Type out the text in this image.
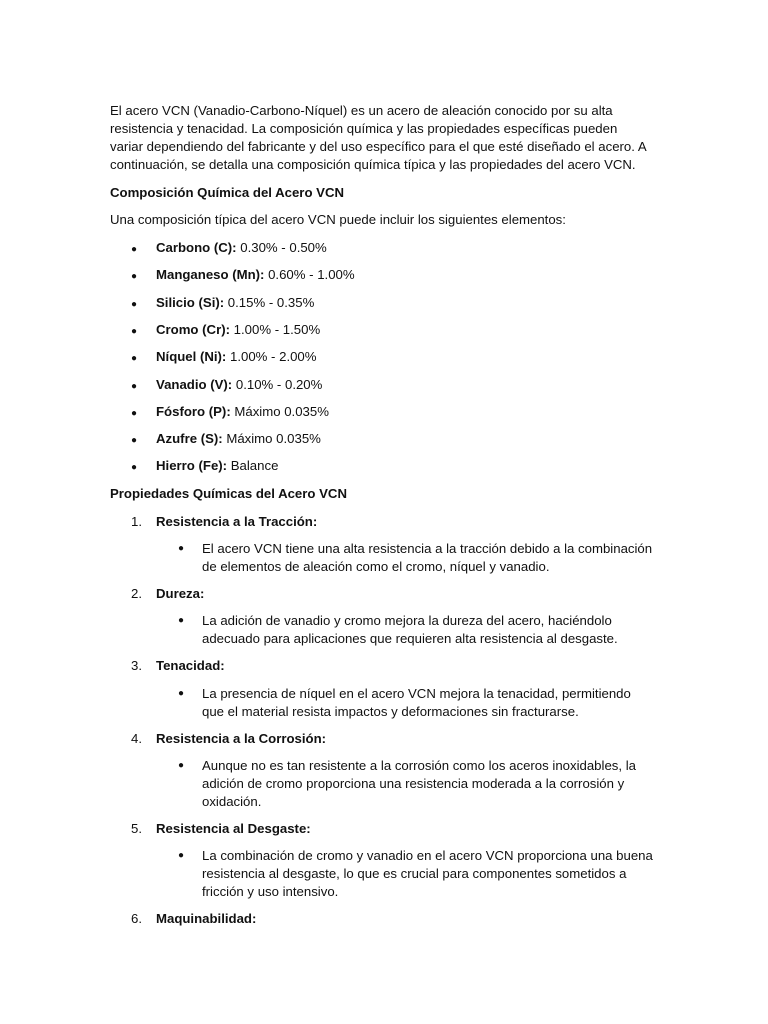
El acero VCN (Vanadio-Carbono-Níquel) es un acero de aleación conocido por su alta resistencia y tenacidad. La composición química y las propiedades específicas pueden variar dependiendo del fabricante y del uso específico para el que esté diseñado el acero. A continuación, se detalla una composición química típica y las propiedades del acero VCN.

Composición Química del Acero VCN

Una composición típica del acero VCN puede incluir los siguientes elementos:

● Carbono (C): 0.30% - 0.50%

● Manganeso (Mn): 0.60% - 1.00%

● Silicio (Si): 0.15% - 0.35%

● Cromo (Cr): 1.00% - 1.50%

● Níquel (Ni): 1.00% - 2.00%

● Vanadio (V): 0.10% - 0.20%

● Fósforo (P): Máximo 0.035%

● Azufre (S): Máximo 0.035%

● Hierro (Fe): Balance

Propiedades Químicas del Acero VCN

1. Resistencia a la Tracción:

● El acero VCN tiene una alta resistencia a la tracción debido a la combinación de elementos de aleación como el cromo, níquel y vanadio.

2. Dureza:

● La adición de vanadio y cromo mejora la dureza del acero, haciéndolo adecuado para aplicaciones que requieren alta resistencia al desgaste.

3. Tenacidad:

● La presencia de níquel en el acero VCN mejora la tenacidad, permitiendo que el material resista impactos y deformaciones sin fracturarse.

4. Resistencia a la Corrosión:

● Aunque no es tan resistente a la corrosión como los aceros inoxidables, la adición de cromo proporciona una resistencia moderada a la corrosión y oxidación.

5. Resistencia al Desgaste:

● La combinación de cromo y vanadio en el acero VCN proporciona una buena resistencia al desgaste, lo que es crucial para componentes sometidos a fricción y uso intensivo.

6. Maquinabilidad:
